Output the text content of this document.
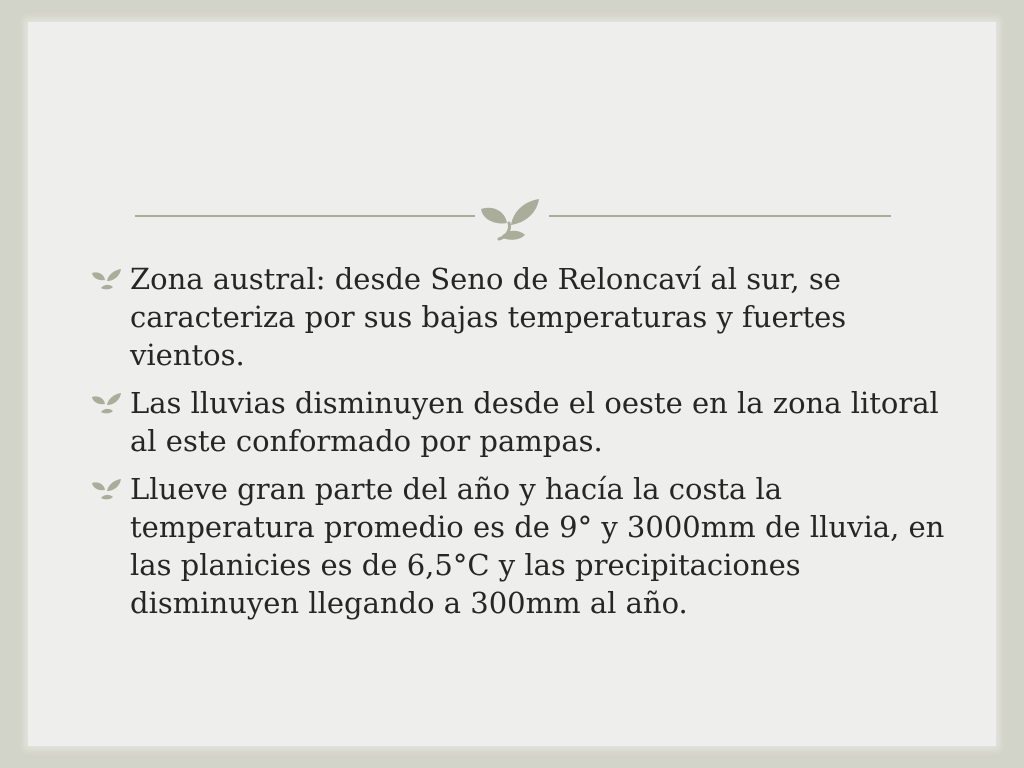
Zona austral: desde Seno de Reloncaví al sur, se caracteriza por sus bajas temperaturas y fuertes vientos.
Las lluvias disminuyen desde el oeste en la zona litoral al este conformado por pampas.
Llueve gran parte del año y hacía la costa la temperatura promedio es de 9° y 3000mm de lluvia, en las planicies es de 6,5°C y las precipitaciones disminuyen llegando a 300mm al año.
